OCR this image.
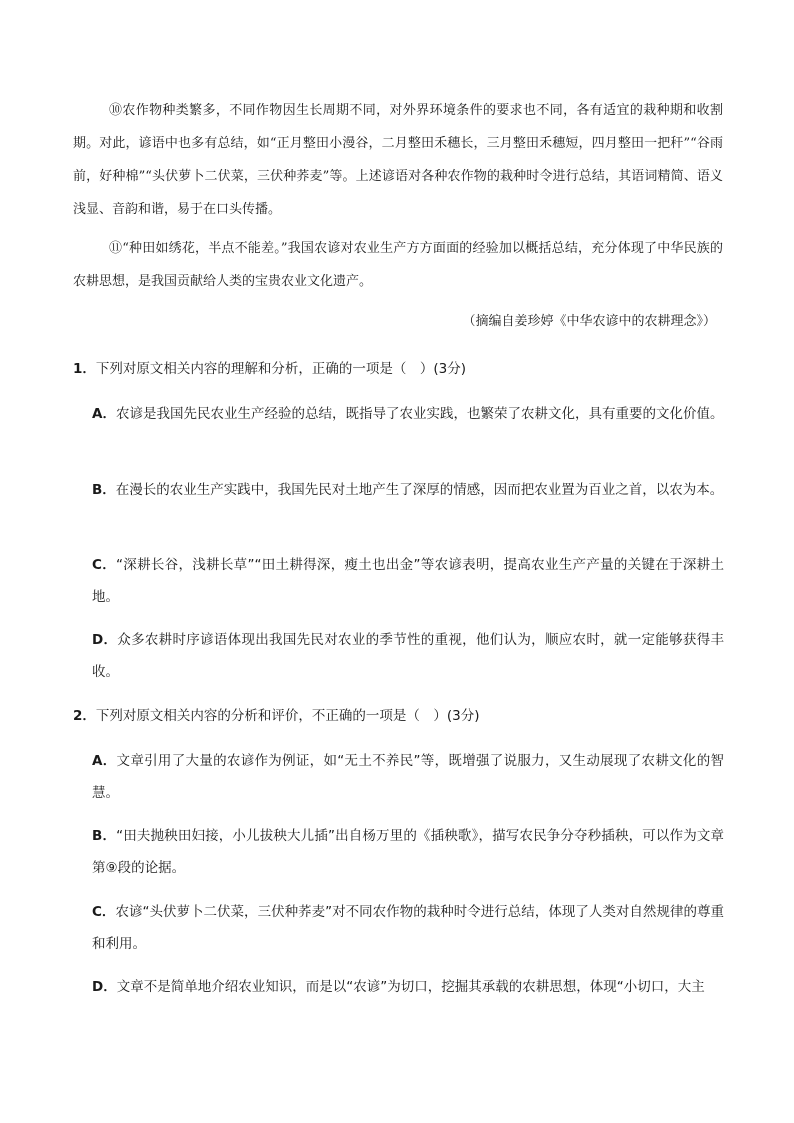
⑩农作物种类繁多，不同作物因生长周期不同，对外界环境条件的要求也不同，各有适宜的栽种期和收割期。对此，谚语中也多有总结，如“正月整田小漫谷，二月整田禾穗长，三月整田禾穗短，四月整田一把秆”“谷雨前，好种棉”“头伏萝卜二伏菜，三伏种荞麦”等。上述谚语对各种农作物的栽种时令进行总结，其语词精简、语义浅显、音韵和谐，易于在口头传播。

⑪“种田如绣花，半点不能差。”我国农谚对农业生产方方面面的经验加以概括总结，充分体现了中华民族的农耕思想，是我国贡献给人类的宝贵农业文化遗产。

（摘编自姜珍婷《中华农谚中的农耕理念》）

1．下列对原文相关内容的理解和分析，正确的一项是（　）(3分)

A．农谚是我国先民农业生产经验的总结，既指导了农业实践，也繁荣了农耕文化，具有重要的文化价值。

B．在漫长的农业生产实践中，我国先民对土地产生了深厚的情感，因而把农业置为百业之首，以农为本。

C．“深耕长谷，浅耕长草”“田土耕得深，瘦土也出金”等农谚表明，提高农业生产产量的关键在于深耕土地。

D．众多农耕时序谚语体现出我国先民对农业的季节性的重视，他们认为，顺应农时，就一定能够获得丰收。

2．下列对原文相关内容的分析和评价，不正确的一项是（　）(3分)

A．文章引用了大量的农谚作为例证，如“无土不养民”等，既增强了说服力，又生动展现了农耕文化的智慧。

B．“田夫抛秧田妇接，小儿拔秧大儿插”出自杨万里的《插秧歌》，描写农民争分夺秒插秧，可以作为文章第⑨段的论据。

C．农谚“头伏萝卜二伏菜，三伏种荞麦”对不同农作物的栽种时令进行总结，体现了人类对自然规律的尊重和利用。

D．文章不是简单地介绍农业知识，而是以“农谚”为切口，挖掘其承载的农耕思想，体现“小切口，大主
